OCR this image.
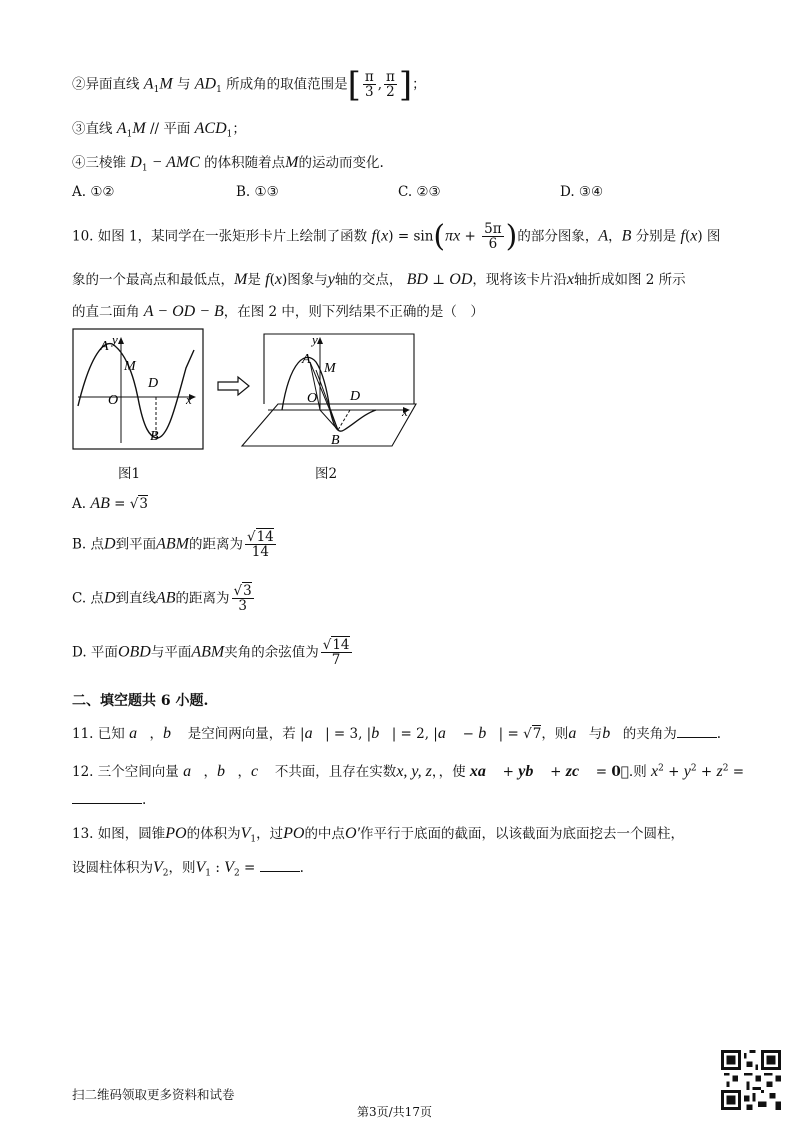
②异面直线 $A_1M$ 与 $AD_1$ 所成角的取值范围是[ $\frac{\pi}{3}$ , $\frac{\pi}{2}$ ]；
③直线 $A_1M$ // 平面 $ACD_1$；
④三棱锥 $D_1$ − AMC 的体积随着点M的运动而变化.
A. ①②	B. ①③	C. ②③	D. ③④
10. 如图 1，某同学在一张矩形卡片上绘制了函数 $f(x) = \sin(\pi x + \frac{5\pi}{6}$ )的部分图象，A，B 分别是 f(x) 图
象的一个最高点和最低点，M是 f(x)图象与y轴的交点， BD ⊥ OD，现将该卡片沿x轴折成如图 2 所示
的直二面角 A − OD − B，在图 2 中，则下列结果不正确的是（　）
A y
M
D
O	x
B
A
y
M
O D
x
B
图1	图2
A. AB = √3
B. 点D到平面ABM的距离为 $\frac{√14}{14}$
C. 点D到直线AB的距离为 $\frac{√3}{3}$
D. 平面OBD与平面ABM夹角的余弦值为 $\frac{√14}{7}$
二、填空题共 6 小题.
11. 已知 a⃗，b⃗ 是空间两向量，若 |a⃗| = 3, |b⃗| = 2, |a⃗ − b⃗| = √7，则a⃗与b⃗的夹角为	.
12. 三个空间向量 a⃗，b⃗，c⃗ 不共面，且存在实数x, y, z，，使 xa⃗ + yb⃗ + zc⃗ = 0⃗.则 $x^2 + y^2 + z^2$ =
.
13. 如图，圆锥PO的体积为$V_1$，过PO的中点O′作平行于底面的截面，以该截面为底面挖去一个圆柱，
设圆柱体积为$V_2$，则$V_1$ : $V_2$ =	.
扫二维码领取更多资料和试卷
第3页/共17页
